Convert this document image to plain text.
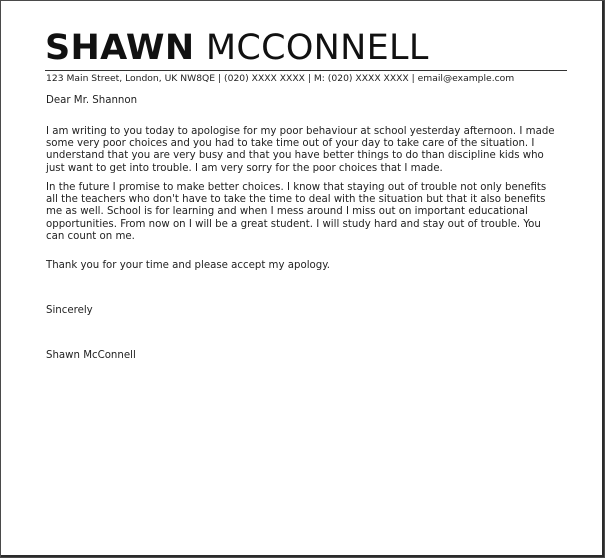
SHAWN MCCONNELL
123 Main Street, London, UK NW8QE | (020) XXXX XXXX | M: (020) XXXX XXXX | email@example.com
Dear Mr. Shannon
I am writing to you today to apologise for my poor behaviour at school yesterday afternoon. I made some very poor choices and you had to take time out of your day to take care of the situation. I understand that you are very busy and that you have better things to do than discipline kids who just want to get into trouble. I am very sorry for the poor choices that I made.
In the future I promise to make better choices. I know that staying out of trouble not only benefits all the teachers who don't have to take the time to deal with the situation but that it also benefits me as well. School is for learning and when I mess around I miss out on important educational opportunities. From now on I will be a great student. I will study hard and stay out of trouble. You can count on me.
Thank you for your time and please accept my apology.
Sincerely
Shawn McConnell
